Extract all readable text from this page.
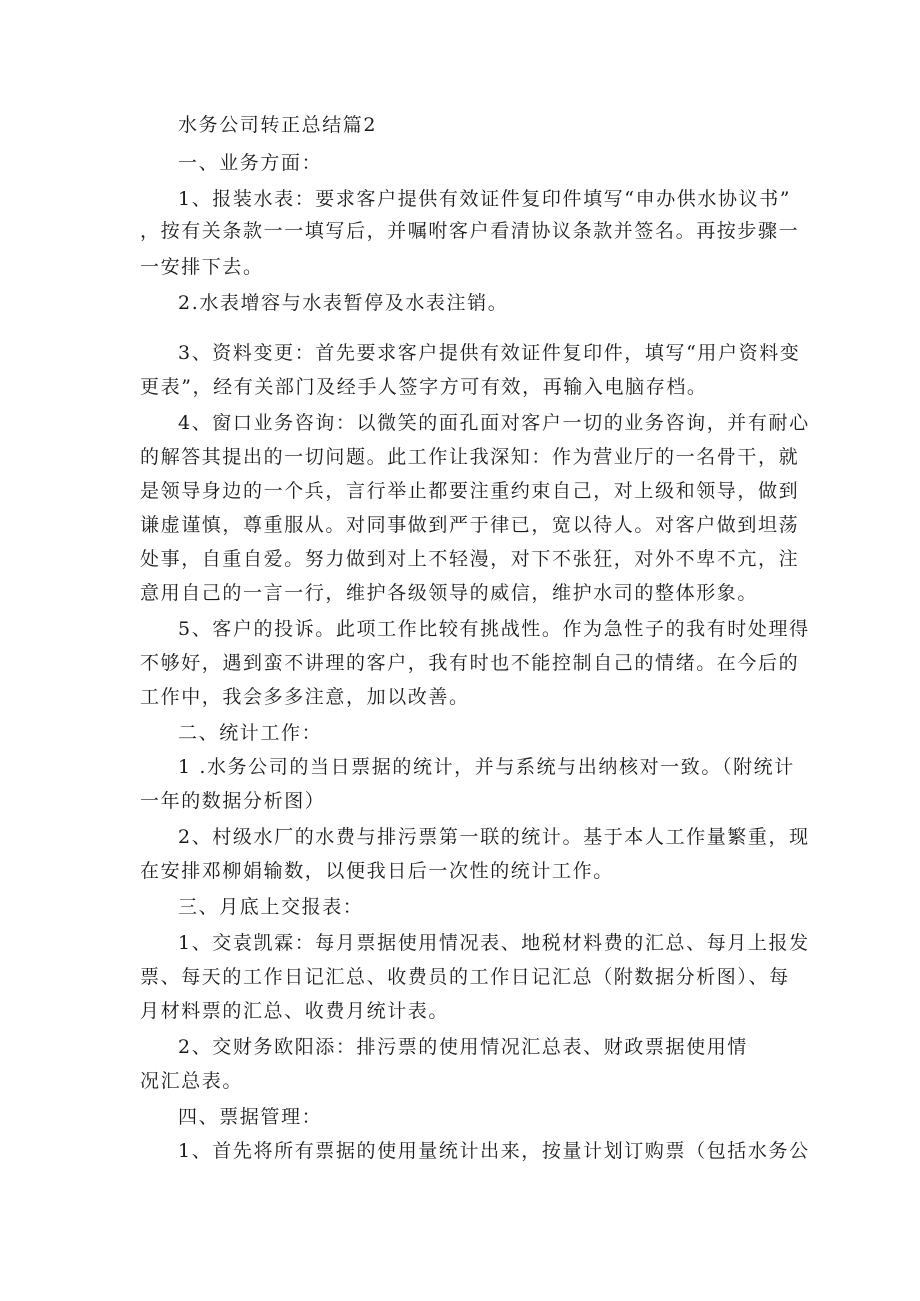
水务公司转正总结篇2
一、业务方面：
1、报装水表：要求客户提供有效证件复印件填写“申办供水协议书”
，按有关条款一一填写后，并嘱咐客户看清协议条款并签名。再按步骤一
一安排下去。
2.水表增容与水表暂停及水表注销。
3、资料变更：首先要求客户提供有效证件复印件，填写“用户资料变
更表”，经有关部门及经手人签字方可有效，再输入电脑存档。
4、窗口业务咨询：以微笑的面孔面对客户一切的业务咨询，并有耐心
的解答其提出的一切问题。此工作让我深知：作为营业厅的一名骨干，就
是领导身边的一个兵，言行举止都要注重约束自己，对上级和领导，做到
谦虚谨慎，尊重服从。对同事做到严于律已，宽以待人。对客户做到坦荡
处事，自重自爱。努力做到对上不轻漫，对下不张狂，对外不卑不亢，注
意用自己的一言一行，维护各级领导的威信，维护水司的整体形象。
5、客户的投诉。此项工作比较有挑战性。作为急性子的我有时处理得
不够好，遇到蛮不讲理的客户，我有时也不能控制自己的情绪。在今后的
工作中，我会多多注意，加以改善。
二、统计工作：
1 .水务公司的当日票据的统计，并与系统与出纳核对一致。（附统计
一年的数据分析图）
2、村级水厂的水费与排污票第一联的统计。基于本人工作量繁重，现
在安排邓柳娟输数，以便我日后一次性的统计工作。
三、月底上交报表：
1、交袁凯霖：每月票据使用情况表、地税材料费的汇总、每月上报发
票、每天的工作日记汇总、收费员的工作日记汇总（附数据分析图）、每
月材料票的汇总、收费月统计表。
2、交财务欧阳添：排污票的使用情况汇总表、财政票据使用情
况汇总表。
四、票据管理：
1、首先将所有票据的使用量统计出来，按量计划订购票（包括水务公
